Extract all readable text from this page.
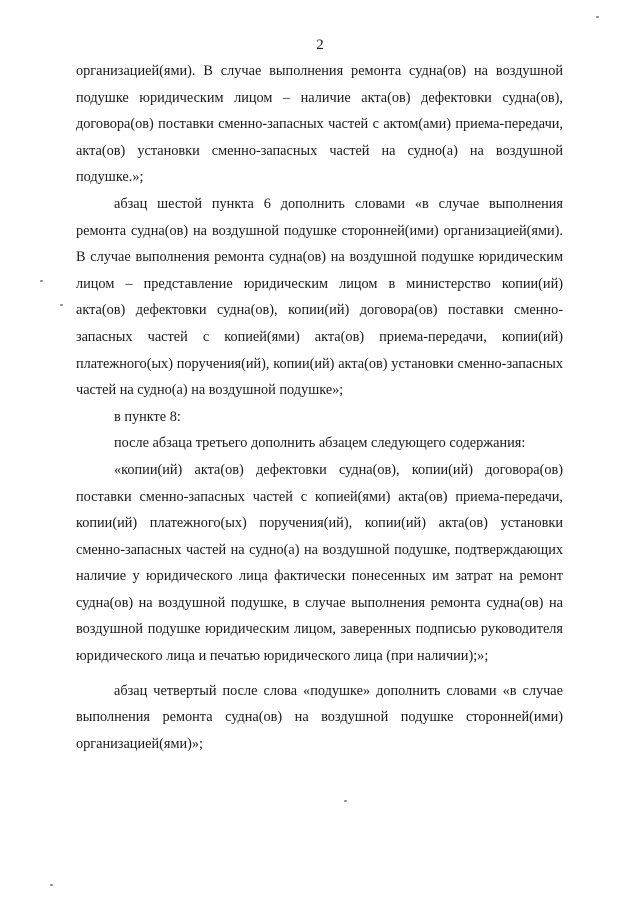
2

организацией(ями). В случае выполнения ремонта судна(ов) на воздушной подушке юридическим лицом – наличие акта(ов) дефектовки судна(ов), договора(ов) поставки сменно-запасных частей с актом(ами) приема-передачи, акта(ов) установки сменно-запасных частей на судно(а) на воздушной подушке.»;

абзац шестой пункта 6 дополнить словами «в случае выполнения ремонта судна(ов) на воздушной подушке сторонней(ими) организацией(ями). В случае выполнения ремонта судна(ов) на воздушной подушке юридическим лицом – представление юридическим лицом в министерство копии(ий) акта(ов) дефектовки судна(ов), копии(ий) договора(ов) поставки сменно-запасных частей с копией(ями) акта(ов) приема-передачи, копии(ий) платежного(ых) поручения(ий), копии(ий) акта(ов) установки сменно-запасных частей на судно(а) на воздушной подушке»;

в пункте 8:

после абзаца третьего дополнить абзацем следующего содержания:

«копии(ий) акта(ов) дефектовки судна(ов), копии(ий) договора(ов) поставки сменно-запасных частей с копией(ями) акта(ов) приема-передачи, копии(ий) платежного(ых) поручения(ий), копии(ий) акта(ов) установки сменно-запасных частей на судно(а) на воздушной подушке, подтверждающих наличие у юридического лица фактически понесенных им затрат на ремонт судна(ов) на воздушной подушке, в случае выполнения ремонта судна(ов) на воздушной подушке юридическим лицом, заверенных подписью руководителя юридического лица и печатью юридического лица (при наличии);»;

абзац четвертый после слова «подушке» дополнить словами «в случае выполнения ремонта судна(ов) на воздушной подушке сторонней(ими) организацией(ями)»;
